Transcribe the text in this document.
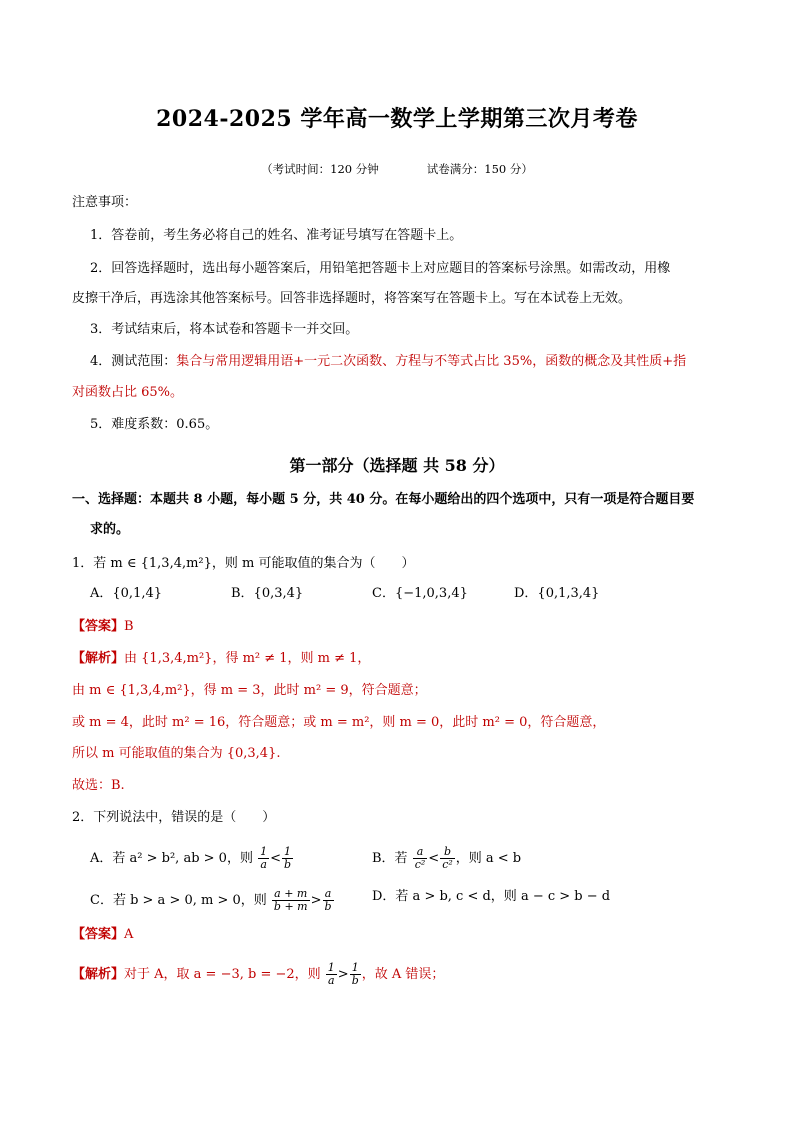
2024-2025 学年高一数学上学期第三次月考卷
（考试时间：120 分钟	试卷满分：150 分）
注意事项：
1．答卷前，考生务必将自己的姓名、准考证号填写在答题卡上。
2．回答选择题时，选出每小题答案后，用铅笔把答题卡上对应题目的答案标号涂黑。如需改动，用橡
皮擦干净后，再选涂其他答案标号。回答非选择题时，将答案写在答题卡上。写在本试卷上无效。
3．考试结束后，将本试卷和答题卡一并交回。
4．测试范围：集合与常用逻辑用语+一元二次函数、方程与不等式占比 35%，函数的概念及其性质+指
对函数占比 65%。
5．难度系数：0.65。
第一部分（选择题 共 58 分）
一、选择题：本题共 8 小题，每小题 5 分，共 40 分。在每小题给出的四个选项中，只有一项是符合题目要
求的。
1．若 m ∈ {1,3,4,m²}，则 m 可能取值的集合为（　　）
A．{0,1,4}	B．{0,3,4}	C．{−1,0,3,4}	D．{0,1,3,4}
【答案】B
【解析】由 {1,3,4,m²}，得 m² ≠ 1，则 m ≠ 1，
由 m ∈ {1,3,4,m²}，得 m = 3，此时 m² = 9，符合题意；
或 m = 4，此时 m² = 16，符合题意；或 m = m²，则 m = 0，此时 m² = 0，符合题意，
所以 m 可能取值的集合为 {0,3,4}.
故选：B.
2．下列说法中，错误的是（　　）
A．若 a² > b², ab > 0，则 $\frac{1}{a} < \frac{1}{b}$	B．若 $\frac{a}{\text{c²}} < \frac{b}{\text{c²}}$ ，则 a < b
C．若 b > a > 0, m > 0，则 $\frac{a + m}{b + m} > \frac{a}{b}$	D．若 a > b, c < d，则 a − c > b − d
【答案】A
【解析】对于 A，取 a = −3, b = −2，则 $\frac{1}{a} > \frac{1}{b}$ ，故 A 错误；
